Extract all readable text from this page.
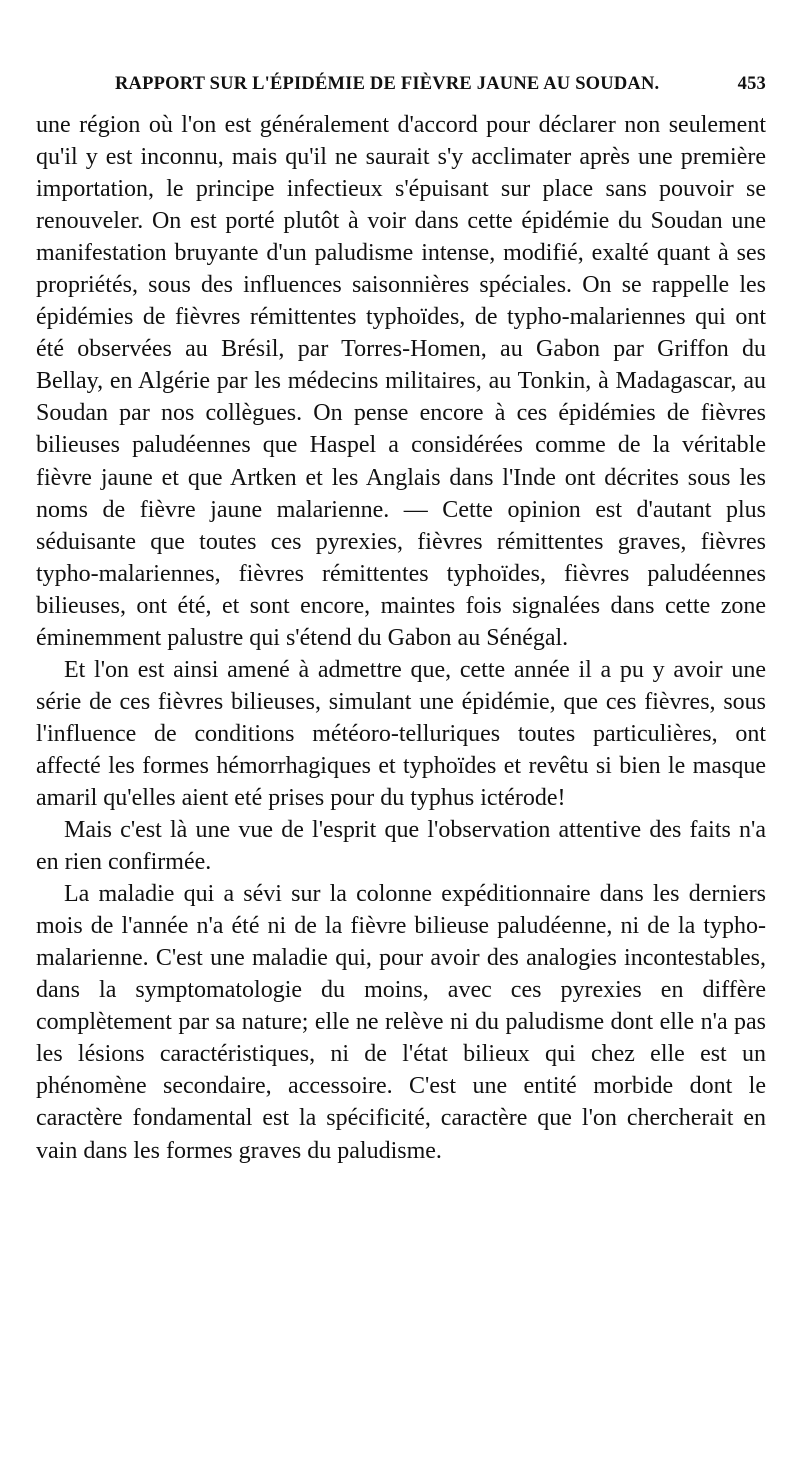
RAPPORT SUR L'ÉPIDÉMIE DE FIÈVRE JAUNE AU SOUDAN.	453

une région où l'on est généralement d'accord pour déclarer non seulement qu'il y est inconnu, mais qu'il ne saurait s'y acclimater après une première importation, le principe infectieux s'épuisant sur place sans pouvoir se renouveler. On est porté plutôt à voir dans cette épidémie du Soudan une manifestation bruyante d'un paludisme intense, modifié, exalté quant à ses propriétés, sous des influences saisonnières spéciales. On se rappelle les épidémies de fièvres rémittentes typhoïdes, de typho-malariennes qui ont été observées au Brésil, par Torres-Homen, au Gabon par Griffon du Bellay, en Algérie par les médecins militaires, au Tonkin, à Madagascar, au Soudan par nos collègues. On pense encore à ces épidémies de fièvres bilieuses paludéennes que Haspel a considérées comme de la véritable fièvre jaune et que Artken et les Anglais dans l'Inde ont décrites sous les noms de fièvre jaune malarienne. — Cette opinion est d'autant plus séduisante que toutes ces pyrexies, fièvres rémittentes graves, fièvres typho-malariennes, fièvres rémittentes typhoïdes, fièvres paludéennes bilieuses, ont été, et sont encore, maintes fois signalées dans cette zone éminemment palustre qui s'étend du Gabon au Sénégal.

Et l'on est ainsi amené à admettre que, cette année il a pu y avoir une série de ces fièvres bilieuses, simulant une épidémie, que ces fièvres, sous l'influence de conditions météoro-telluriques toutes particulières, ont affecté les formes hémorrhagiques et typhoïdes et revêtu si bien le masque amaril qu'elles aient eté prises pour du typhus ictérode!

Mais c'est là une vue de l'esprit que l'observation attentive des faits n'a en rien confirmée.

La maladie qui a sévi sur la colonne expéditionnaire dans les derniers mois de l'année n'a été ni de la fièvre bilieuse paludéenne, ni de la typho-malarienne. C'est une maladie qui, pour avoir des analogies incontestables, dans la symptomatologie du moins, avec ces pyrexies en diffère complètement par sa nature; elle ne relève ni du paludisme dont elle n'a pas les lésions caractéristiques, ni de l'état bilieux qui chez elle est un phénomène secondaire, accessoire. C'est une entité morbide dont le caractère fondamental est la spécificité, caractère que l'on chercherait en vain dans les formes graves du paludisme.
